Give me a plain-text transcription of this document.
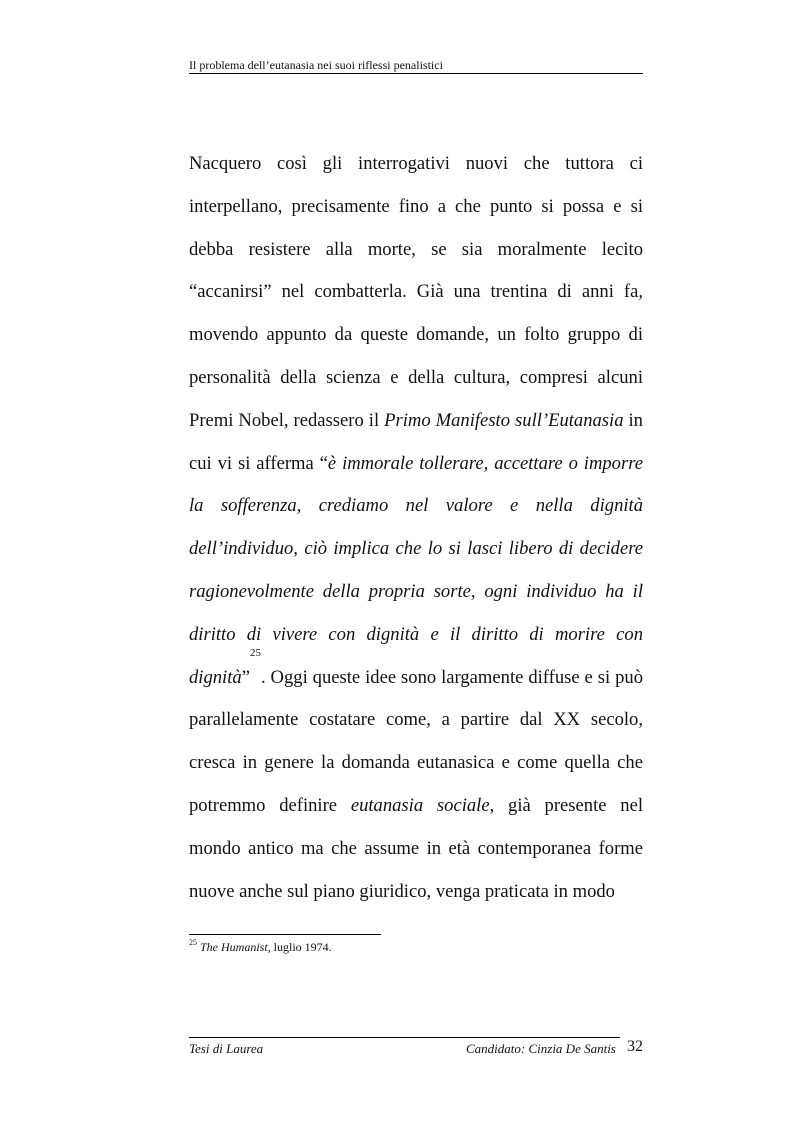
Il problema dell’eutanasia nei suoi riflessi penalistici

Nacquero così gli interrogativi nuovi che tuttora ci interpellano, precisamente fino a che punto si possa e si debba resistere alla morte, se sia moralmente lecito “accanirsi” nel combatterla. Già una trentina di anni fa, movendo appunto da queste domande, un folto gruppo di personalità della scienza e della cultura, compresi alcuni Premi Nobel, redassero il Primo Manifesto sull’Eutanasia in cui vi si afferma “è immorale tollerare, accettare o imporre la sofferenza, crediamo nel valore e nella dignità dell’individuo, ciò implica che lo si lasci libero di decidere ragionevolmente della propria sorte, ogni individuo ha il diritto di vivere con dignità e il diritto di morire con dignità”$^{25}$. Oggi queste idee sono largamente diffuse e si può parallelamente costatare come, a partire dal XX secolo, cresca in genere la domanda eutanasica e come quella che potremmo definire eutanasia sociale, già presente nel mondo antico ma che assume in età contemporanea forme nuove anche sul piano giuridico, venga praticata in modo

$^{25}$ The Humanist, luglio 1974.
Tesi di Laurea	Candidato: Cinzia De Santis 32
